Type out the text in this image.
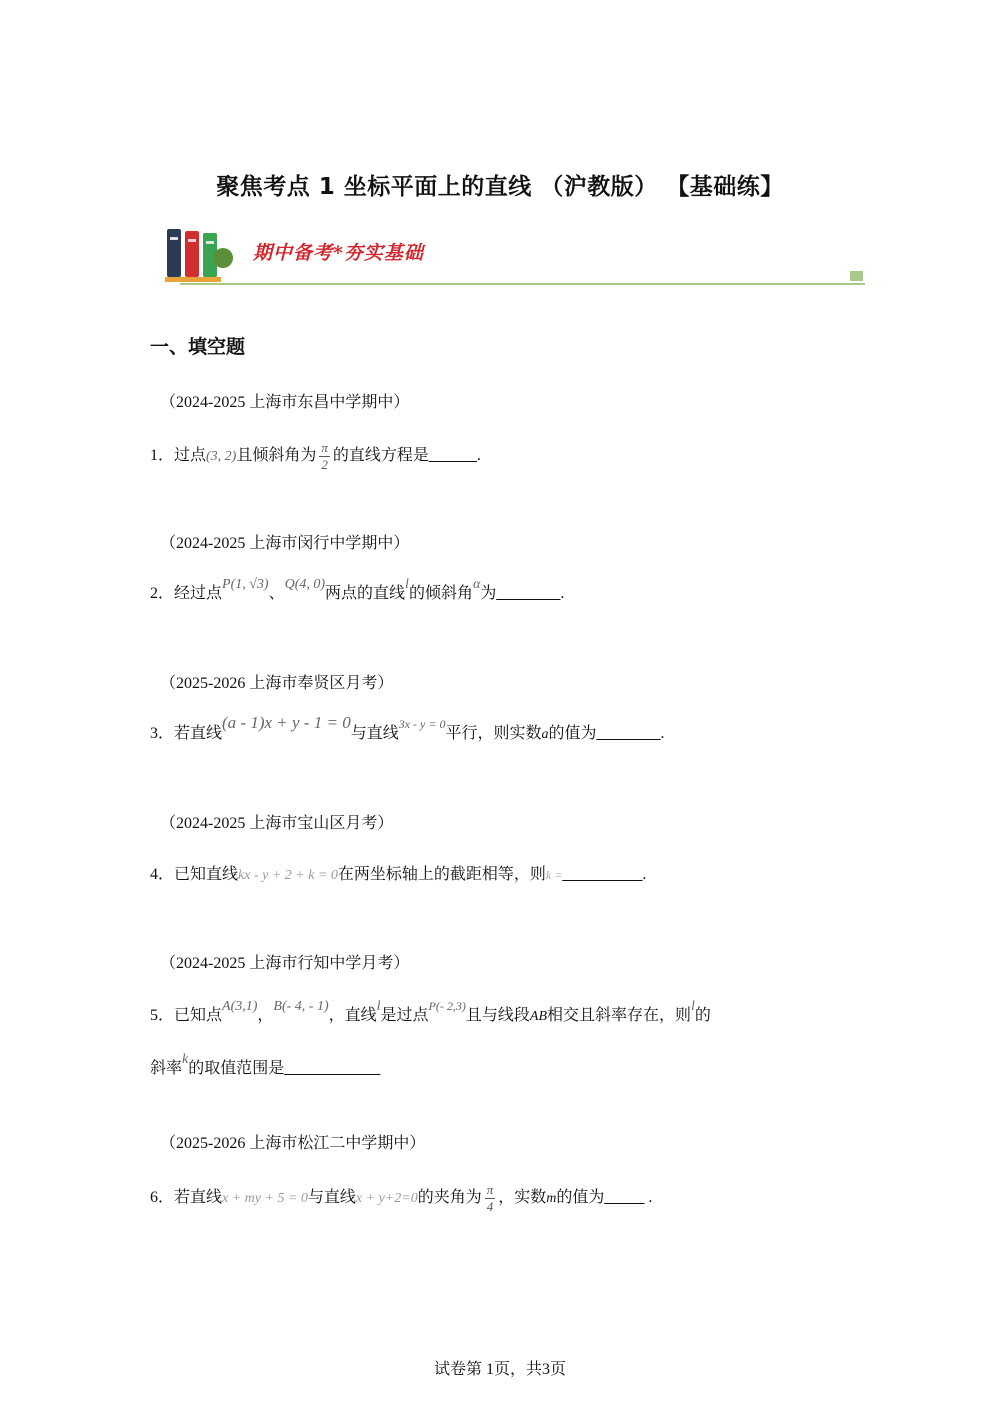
聚焦考点 1 坐标平面上的直线 （沪教版） 【基础练】
期中备考*夯实基础
一、填空题
（2024-2025 上海市东昌中学期中）
1．过点(3, 2)且倾斜角为 $\frac{\pi}{2}$ 的直线方程是______.
（2024-2025 上海市闵行中学期中）
2．经过点P(1, √3)、Q(4, 0)两点的直线l的倾斜角α为________.
（2025-2026 上海市奉贤区月考）
3．若直线(a - 1)x + y - 1 = 0与直线$^{3x - y = 0}$平行，则实数a的值为________.
（2024-2025 上海市宝山区月考）
4．已知直线kx - y + 2 + k = 0在两坐标轴上的截距相等，则k =__________.
（2024-2025 上海市行知中学月考）
5．已知点A(3,1)，B(- 4, - 1)，直线l是过点$^{P(- 2,3)}$且与线段AB相交且斜率存在，则l的
斜率k的取值范围是____________
（2025-2026 上海市松江二中学期中）
6．若直线x + my + 5 = 0与直线x + y+2=0的夹角为 $\frac{\pi}{4}$ ，实数m的值为_____ .
试卷第 1页，共3页
